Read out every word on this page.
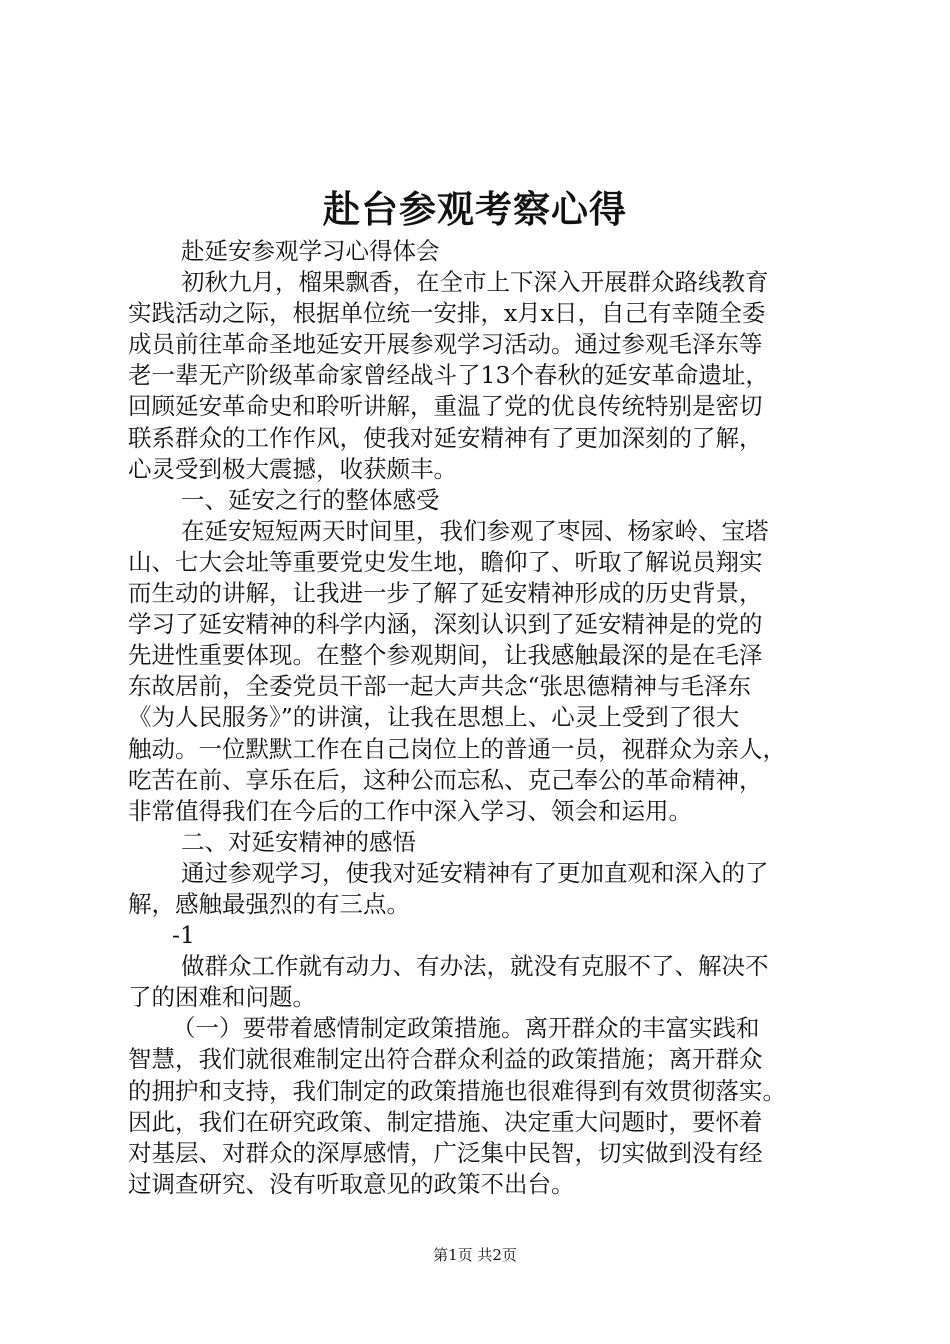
赴台参观考察心得
赴延安参观学习心得体会
初秋九月，榴果飘香，在全市上下深入开展群众路线教育
实践活动之际，根据单位统一安排，x月x日，自己有幸随全委
成员前往革命圣地延安开展参观学习活动。通过参观毛泽东等
老一辈无产阶级革命家曾经战斗了13个春秋的延安革命遗址，
回顾延安革命史和聆听讲解，重温了党的优良传统特别是密切
联系群众的工作作风，使我对延安精神有了更加深刻的了解，
心灵受到极大震撼，收获颇丰。
一、延安之行的整体感受
在延安短短两天时间里，我们参观了枣园、杨家岭、宝塔
山、七大会址等重要党史发生地，瞻仰了、听取了解说员翔实
而生动的讲解，让我进一步了解了延安精神形成的历史背景，
学习了延安精神的科学内涵，深刻认识到了延安精神是的党的
先进性重要体现。在整个参观期间，让我感触最深的是在毛泽
东故居前，全委党员干部一起大声共念“张思德精神与毛泽东
《为人民服务》”的讲演，让我在思想上、心灵上受到了很大
触动。一位默默工作在自己岗位上的普通一员，视群众为亲人，
吃苦在前、享乐在后，这种公而忘私、克己奉公的革命精神，
非常值得我们在今后的工作中深入学习、领会和运用。
二、对延安精神的感悟
通过参观学习，使我对延安精神有了更加直观和深入的了
解，感触最强烈的有三点。
-1
做群众工作就有动力、有办法，就没有克服不了、解决不
了的困难和问题。
（一）要带着感情制定政策措施。离开群众的丰富实践和
智慧，我们就很难制定出符合群众利益的政策措施；离开群众
的拥护和支持，我们制定的政策措施也很难得到有效贯彻落实。
因此，我们在研究政策、制定措施、决定重大问题时，要怀着
对基层、对群众的深厚感情，广泛集中民智，切实做到没有经
过调查研究、没有听取意见的政策不出台。
第1页 共2页
